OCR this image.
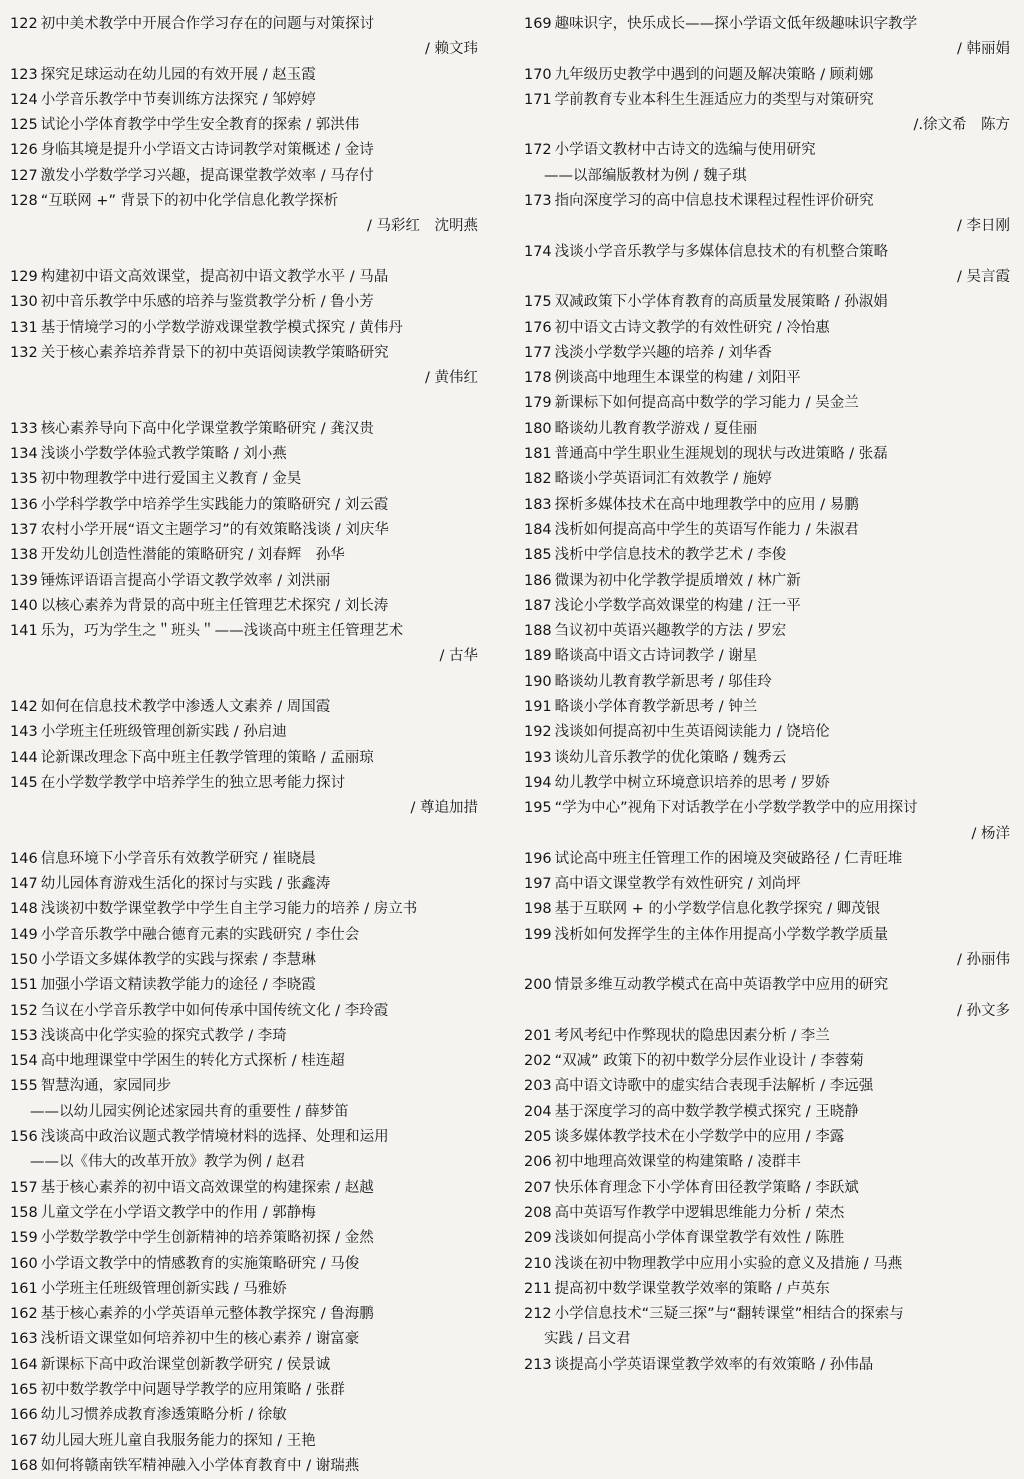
122 初中美术教学中开展合作学习存在的问题与对策探讨
/ 赖文玮
123 探究足球运动在幼儿园的有效开展 / 赵玉霞
124 小学音乐教学中节奏训练方法探究 / 邹婷婷
125 试论小学体育教学中学生安全教育的探索 / 郭洪伟
126 身临其境是提升小学语文古诗词教学对策概述 / 金诗
127 激发小学数学学习兴趣，提高课堂教学效率 / 马存付
128 “互联网 +” 背景下的初中化学信息化教学探析
/ 马彩红　沈明燕
129 构建初中语文高效课堂，提高初中语文教学水平 / 马晶
130 初中音乐教学中乐感的培养与鉴赏教学分析 / 鲁小芳
131 基于情境学习的小学数学游戏课堂教学模式探究 / 黄伟丹
132 关于核心素养培养背景下的初中英语阅读教学策略研究
/ 黄伟红
133 核心素养导向下高中化学课堂教学策略研究 / 龚汉贵
134 浅谈小学数学体验式教学策略 / 刘小燕
135 初中物理教学中进行爱国主义教育 / 金昊
136 小学科学教学中培养学生实践能力的策略研究 / 刘云霞
137 农村小学开展“语文主题学习”的有效策略浅谈 / 刘庆华
138 开发幼儿创造性潜能的策略研究 / 刘春辉　孙华
139 锤炼评语语言提高小学语文教学效率 / 刘洪丽
140 以核心素养为背景的高中班主任管理艺术探究 / 刘长涛
141 乐为，巧为学生之＂班头＂——浅谈高中班主任管理艺术
/ 古华
142 如何在信息技术教学中渗透人文素养 / 周国霞
143 小学班主任班级管理创新实践 / 孙启迪
144 论新课改理念下高中班主任教学管理的策略 / 孟丽琼
145 在小学数学教学中培养学生的独立思考能力探讨
/ 尊追加措
146 信息环境下小学音乐有效教学研究 / 崔晓晨
147 幼儿园体育游戏生活化的探讨与实践 / 张鑫涛
148 浅谈初中数学课堂教学中学生自主学习能力的培养 / 房立书
149 小学音乐教学中融合德育元素的实践研究 / 李仕会
150 小学语文多媒体教学的实践与探索 / 李慧琳
151 加强小学语文精读教学能力的途径 / 李晓霞
152 刍议在小学音乐教学中如何传承中国传统文化 / 李玲霞
153 浅谈高中化学实验的探究式教学 / 李琦
154 高中地理课堂中学困生的转化方式探析 / 桂连超
155 智慧沟通，家园同步
——以幼儿园实例论述家园共育的重要性 / 薛梦笛
156 浅谈高中政治议题式教学情境材料的选择、处理和运用
——以《伟大的改革开放》教学为例 / 赵君
157 基于核心素养的初中语文高效课堂的构建探索 / 赵越
158 儿童文学在小学语文教学中的作用 / 郭静梅
159 小学数学教学中学生创新精神的培养策略初探 / 金然
160 小学语文教学中的情感教育的实施策略研究 / 马俊
161 小学班主任班级管理创新实践 / 马雅娇
162 基于核心素养的小学英语单元整体教学探究 / 鲁海鹏
163 浅析语文课堂如何培养初中生的核心素养 / 谢富豪
164 新课标下高中政治课堂创新教学研究 / 侯景诚
165 初中数学教学中问题导学教学的应用策略 / 张群
166 幼儿习惯养成教育渗透策略分析 / 徐敏
167 幼儿园大班儿童自我服务能力的探知 / 王艳
168 如何将赣南铁军精神融入小学体育教育中 / 谢瑞燕
169 趣味识字，快乐成长——探小学语文低年级趣味识字教学
/ 韩丽娟
170 九年级历史教学中遇到的问题及解决策略 / 顾莉娜
171 学前教育专业本科生生涯适应力的类型与对策研究
/.徐文希　陈方
172 小学语文教材中古诗文的选编与使用研究
——以部编版教材为例 / 魏子琪
173 指向深度学习的高中信息技术课程过程性评价研究
/ 李日刚
174 浅谈小学音乐教学与多媒体信息技术的有机整合策略
/ 吴言霞
175 双减政策下小学体育教育的高质量发展策略 / 孙淑娟
176 初中语文古诗文教学的有效性研究 / 冷怡惠
177 浅淡小学数学兴趣的培养 / 刘华香
178 例谈高中地理生本课堂的构建 / 刘阳平
179 新课标下如何提高高中数学的学习能力 / 吴金兰
180 略谈幼儿教育教学游戏 / 夏佳丽
181 普通高中学生职业生涯规划的现状与改进策略 / 张磊
182 略谈小学英语词汇有效教学 / 施婷
183 探析多媒体技术在高中地理教学中的应用 / 易鹏
184 浅析如何提高高中学生的英语写作能力 / 朱淑君
185 浅析中学信息技术的教学艺术 / 李俊
186 微课为初中化学教学提质增效 / 林广新
187 浅论小学数学高效课堂的构建 / 汪一平
188 刍议初中英语兴趣教学的方法 / 罗宏
189 略谈高中语文古诗词教学 / 谢星
190 略谈幼儿教育教学新思考 / 邬佳玲
191 略谈小学体育教学新思考 / 钟兰
192 浅谈如何提高初中生英语阅读能力 / 饶培伦
193 谈幼儿音乐教学的优化策略 / 魏秀云
194 幼儿教学中树立环境意识培养的思考 / 罗娇
195 “学为中心”视角下对话教学在小学数学教学中的应用探讨
/ 杨洋
196 试论高中班主任管理工作的困境及突破路径 / 仁青旺堆
197 高中语文课堂教学有效性研究 / 刘尚坪
198 基于互联网 + 的小学数学信息化教学探究 / 卿茂银
199 浅析如何发挥学生的主体作用提高小学数学教学质量
/ 孙丽伟
200 情景多维互动教学模式在高中英语教学中应用的研究
/ 孙文多
201 考风考纪中作弊现状的隐患因素分析 / 李兰
202 “双减” 政策下的初中数学分层作业设计 / 李蓉菊
203 高中语文诗歌中的虚实结合表现手法解析 / 李远强
204 基于深度学习的高中数学教学模式探究 / 王晓静
205 谈多媒体教学技术在小学数学中的应用 / 李露
206 初中地理高效课堂的构建策略 / 凌群丰
207 快乐体育理念下小学体育田径教学策略 / 李跃斌
208 高中英语写作教学中逻辑思维能力分析 / 荣杰
209 浅谈如何提高小学体育课堂教学有效性 / 陈胜
210 浅谈在初中物理教学中应用小实验的意义及措施 / 马燕
211 提高初中数学课堂教学效率的策略 / 卢英东
212 小学信息技术“三疑三探”与“翻转课堂”相结合的探索与
实践 / 吕文君
213 谈提高小学英语课堂教学效率的有效策略 / 孙伟晶
